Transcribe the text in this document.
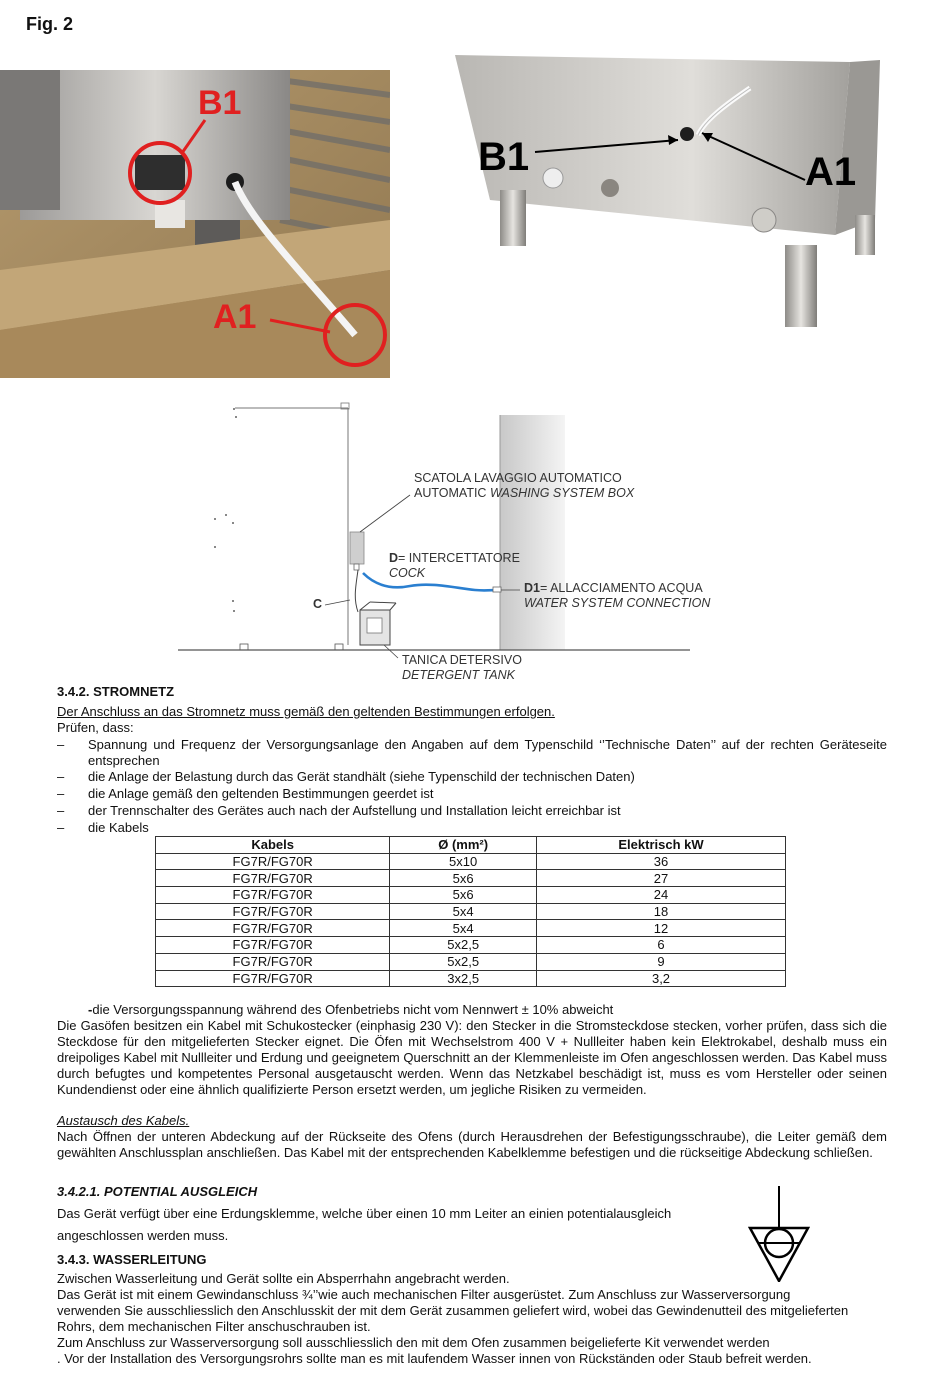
Fig. 2
B1
A1
B1	A1
SCATOLA LAVAGGIO AUTOMATICO
AUTOMATIC WASHING SYSTEM BOX
D= INTERCETTATORE
COCK
D1= ALLACCIAMENTO ACQUA
WATER SYSTEM CONNECTION
C
TANICA DETERSIVO
DETERGENT TANK
3.4.2. STROMNETZ
Der Anschluss an das Stromnetz muss gemäß den geltenden Bestimmungen erfolgen.
Prüfen, dass:
– Spannung und Frequenz der Versorgungsanlage den Angaben auf dem Typenschild ‘’Technische Daten’’ auf der rechten Geräteseite entsprechen
– die Anlage der Belastung durch das Gerät standhält (siehe Typenschild der technischen Daten)
– die Anlage gemäß den geltenden Bestimmungen geerdet ist
– der Trennschalter des Gerätes auch nach der Aufstellung und Installation leicht erreichbar ist
– die Kabels
Kabels	Ø (mm²)	Elektrisch kW
FG7R/FG70R	5x10	36
FG7R/FG70R	5x6	27
FG7R/FG70R	5x6	24
FG7R/FG70R	5x4	18
FG7R/FG70R	5x4	12
FG7R/FG70R	5x2,5	6
FG7R/FG70R	5x2,5	9
FG7R/FG70R	3x2,5	3,2
-die Versorgungsspannung während des Ofenbetriebs nicht vom Nennwert ± 10% abweicht
Die Gasöfen besitzen ein Kabel mit Schukostecker (einphasig 230 V): den Stecker in die Stromsteckdose stecken, vorher prüfen, dass sich die Steckdose für den mitgelieferten Stecker eignet. Die Öfen mit Wechselstrom 400 V + Nullleiter haben kein Elektrokabel, deshalb muss ein dreipoliges Kabel mit Nullleiter und Erdung und geeignetem Querschnitt an der Klemmenleiste im Ofen angeschlossen werden. Das Kabel muss durch befugtes und kompetentes Personal ausgetauscht werden. Wenn das Netzkabel beschädigt ist, muss es vom Hersteller oder seinen Kundendienst oder eine ähnlich qualifizierte Person ersetzt werden, um jegliche Risiken zu vermeiden.
Austausch des Kabels.
Nach Öffnen der unteren Abdeckung auf der Rückseite des Ofens (durch Herausdrehen der Befestigungsschraube), die Leiter gemäß dem gewählten Anschlussplan anschließen. Das Kabel mit der entsprechenden Kabelklemme befestigen und die rückseitige Abdeckung schließen.
3.4.2.1. POTENTIAL AUSGLEICH
Das Gerät verfügt über eine Erdungsklemme, welche über einen 10 mm Leiter an einien potentialausgleich
angeschlossen werden muss.
3.4.3. WASSERLEITUNG
Zwischen Wasserleitung und Gerät sollte ein Absperrhahn angebracht werden.
Das Gerät ist mit einem Gewindanschluss ¾’’wie auch mechanischen Filter ausgerüstet. Zum Anschluss zur Wasserversorgung verwenden Sie ausschliesslich den Anschlusskit der mit dem Gerät zusammen geliefert wird, wobei das Gewindenutteil des mitgelieferten Rohrs, dem mechanischen Filter anschuschrauben ist.
Zum Anschluss zur Wasserversorgung soll ausschliesslich den mit dem Ofen zusammen beigelieferte Kit verwendet werden
. Vor der Installation des Versorgungsrohrs sollte man es mit laufendem Wasser innen von Rückständen oder Staub befreit werden.
